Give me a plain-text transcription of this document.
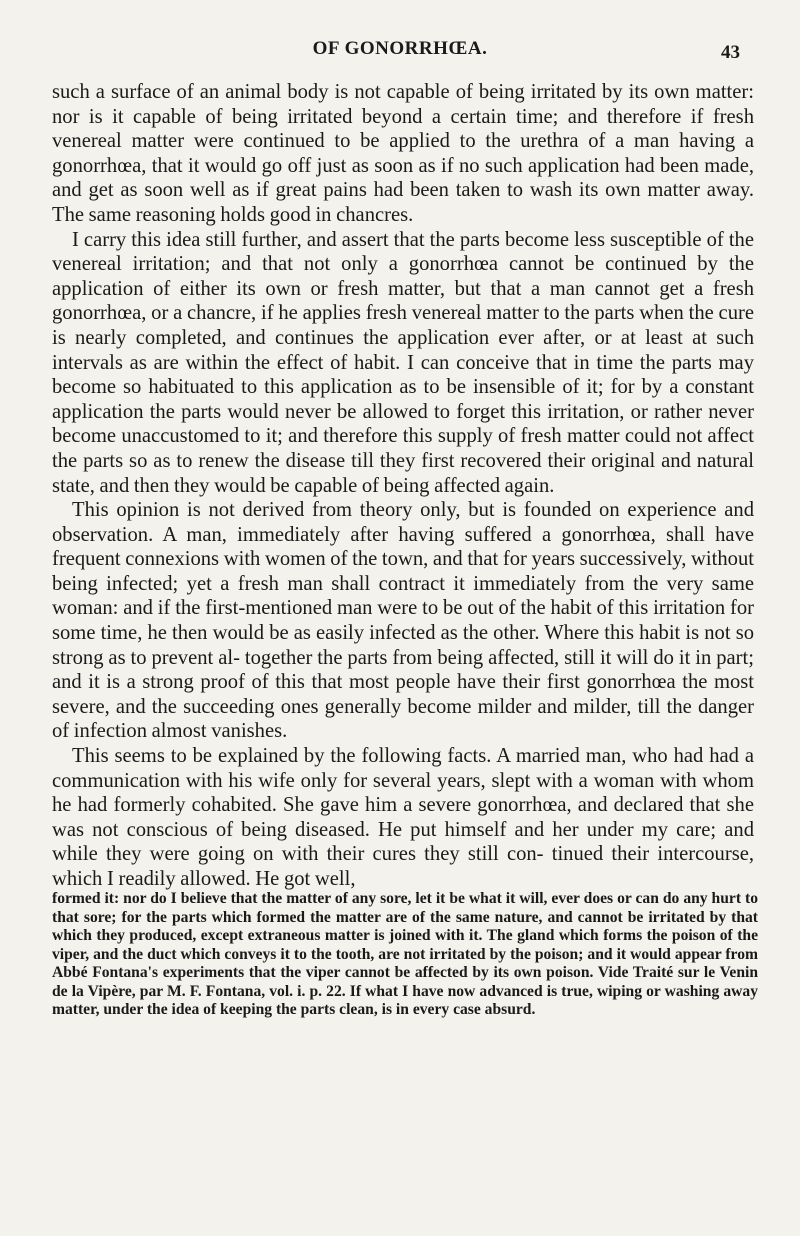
OF GONORRHŒA.	43

such a surface of an animal body is not capable of being irritated by its own matter: nor is it capable of being irritated beyond a certain time; and therefore if fresh venereal matter were continued to be applied to the urethra of a man having a gonorrhœa, that it would go off just as soon as if no such application had been made, and get as soon well as if great pains had been taken to wash its own matter away. The same reasoning holds good in chancres.

I carry this idea still further, and assert that the parts become less susceptible of the venereal irritation; and that not only a gonorrhœa cannot be continued by the application of either its own or fresh matter, but that a man cannot get a fresh gonorrhœa, or a chancre, if he applies fresh venereal matter to the parts when the cure is nearly completed, and continues the application ever after, or at least at such intervals as are within the effect of habit. I can conceive that in time the parts may become so habituated to this application as to be insensible of it; for by a constant application the parts would never be allowed to forget this irritation, or rather never become unaccustomed to it; and therefore this supply of fresh matter could not affect the parts so as to renew the disease till they first recovered their original and natural state, and then they would be capable of being affected again.

This opinion is not derived from theory only, but is founded on experience and observation. A man, immediately after having suffered a gonorrhœa, shall have frequent connexions with women of the town, and that for years successively, without being infected; yet a fresh man shall contract it immediately from the very same woman: and if the first-mentioned man were to be out of the habit of this irritation for some time, he then would be as easily infected as the other. Where this habit is not so strong as to prevent al- together the parts from being affected, still it will do it in part; and it is a strong proof of this that most people have their first gonorrhœa the most severe, and the succeeding ones generally become milder and milder, till the danger of infection almost vanishes.

This seems to be explained by the following facts. A married man, who had had a communication with his wife only for several years, slept with a woman with whom he had formerly cohabited. She gave him a severe gonorrhœa, and declared that she was not conscious of being diseased. He put himself and her under my care; and while they were going on with their cures they still con- tinued their intercourse, which I readily allowed. He got well,

formed it: nor do I believe that the matter of any sore, let it be what it will, ever does or can do any hurt to that sore; for the parts which formed the matter are of the same nature, and cannot be irritated by that which they produced, except extraneous matter is joined with it. The gland which forms the poison of the viper, and the duct which conveys it to the tooth, are not irritated by the poison; and it would appear from Abbé Fontana's experiments that the viper cannot be affected by its own poison. Vide Traité sur le Venin de la Vipère, par M. F. Fontana, vol. i. p. 22. If what I have now advanced is true, wiping or washing away matter, under the idea of keeping the parts clean, is in every case absurd.
